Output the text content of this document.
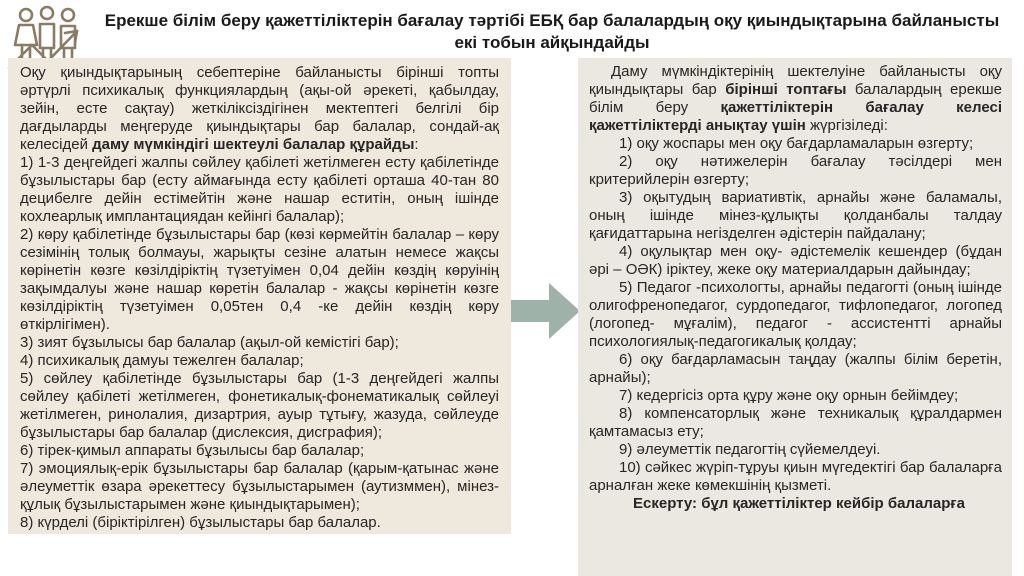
Ерекше білім беру қажеттіліктерін бағалау тәртібі ЕБҚ бар балалардың оқу қиындықтарына байланысты екі тобын айқындайды

Оқу қиындықтарының себептеріне байланысты бірінші топты әртүрлі психикалық функциялардың (ақы-ой әрекеті, қабылдау, зейін, есте сақтау) жеткіліксіздігінен мектептегі белгілі бір дағдыларды меңгеруде қиындықтары бар балалар, сондай-ақ келесідей даму мүмкіндігі шектеулі балалар құрайды:

1) 1-3 деңгейдегі жалпы сөйлеу қабілеті жетілмеген есту қабілетінде бұзылыстары бар (есту аймағында есту қабілеті орташа 40-тан 80 децибелге дейін естімейтін және нашар еститін, оның ішінде кохлеарлық имплантациядан кейінгі балалар);

2) көру қабілетінде бұзылыстары бар (көзі көрмейтін балалар – көру сезімінің толық болмауы, жарықты сезіне алатын немесе жақсы көрінетін көзге көзілдіріктің түзетуімен 0,04 дейін көздің көруінің зақымдалуы және нашар көретін балалар - жақсы көрінетін көзге көзілдіріктің түзетуімен 0,05тен 0,4 -ке дейін көздің көру өткірлігімен).

3) зият бұзылысы бар балалар (ақыл-ой кемістігі бар);

4) психикалық дамуы тежелген балалар;

5) сөйлеу қабілетінде бұзылыстары бар (1-3 деңгейдегі жалпы сөйлеу қабілеті жетілмеген, фонетикалық-фонематикалық сөйлеуі жетілмеген, ринолалия, дизартрия, ауыр тұтығу, жазуда, сөйлеуде бұзылыстары бар балалар (дислексия, дисграфия);

6) тірек-қимыл аппараты бұзылысы бар балалар;

7) эмоциялық-ерік бұзылыстары бар балалар (қарым-қатынас және әлеуметтік өзара әрекеттесу бұзылыстарымен (аутизммен), мінез-құлық бұзылыстарымен және қиындықтарымен);

8) күрделі (біріктірілген) бұзылыстары бар балалар.

Даму мүмкіндіктерінің шектелуіне байланысты оқу қиындықтары бар бірінші топтағы балалардың ерекше білім беру қажеттіліктерін бағалау келесі қажеттіліктерді анықтау үшін жүргізіледі:

1) оқу жоспары мен оқу бағдарламаларын өзгерту;

2) оқу нәтижелерін бағалау тәсілдері мен критерийлерін өзгерту;

3) оқытудың вариативтік, арнайы және баламалы, оның ішінде мінез-құлықты қолданбалы талдау қағидаттарына негізделген әдістерін пайдалану;

4) оқулықтар мен оқу- әдістемелік кешендер (бұдан әрі – ОӘК) іріктеу, жеке оқу материалдарын дайындау;

5) Педагог -психологты, арнайы педагогті (оның ішінде олигофренопедагог, сурдопедагог, тифлопедагог, логопед (логопед- мұғалім), педагог - ассистентті арнайы психологиялық-педагогикалық қолдау;

6) оқу бағдарламасын таңдау (жалпы білім беретін, арнайы);

7) кедергісіз орта құру және оқу орнын бейімдеу;

8) компенсаторлық және техникалық құралдармен қамтамасыз ету;

9) әлеуметтік педагогтің сүйемелдеуі.

10) сәйкес жүріп-тұруы қиын мүгедектігі бар балаларға арналған жеке көмекшінің қызметі.

Ескерту: бұл қажеттіліктер кейбір балаларға
